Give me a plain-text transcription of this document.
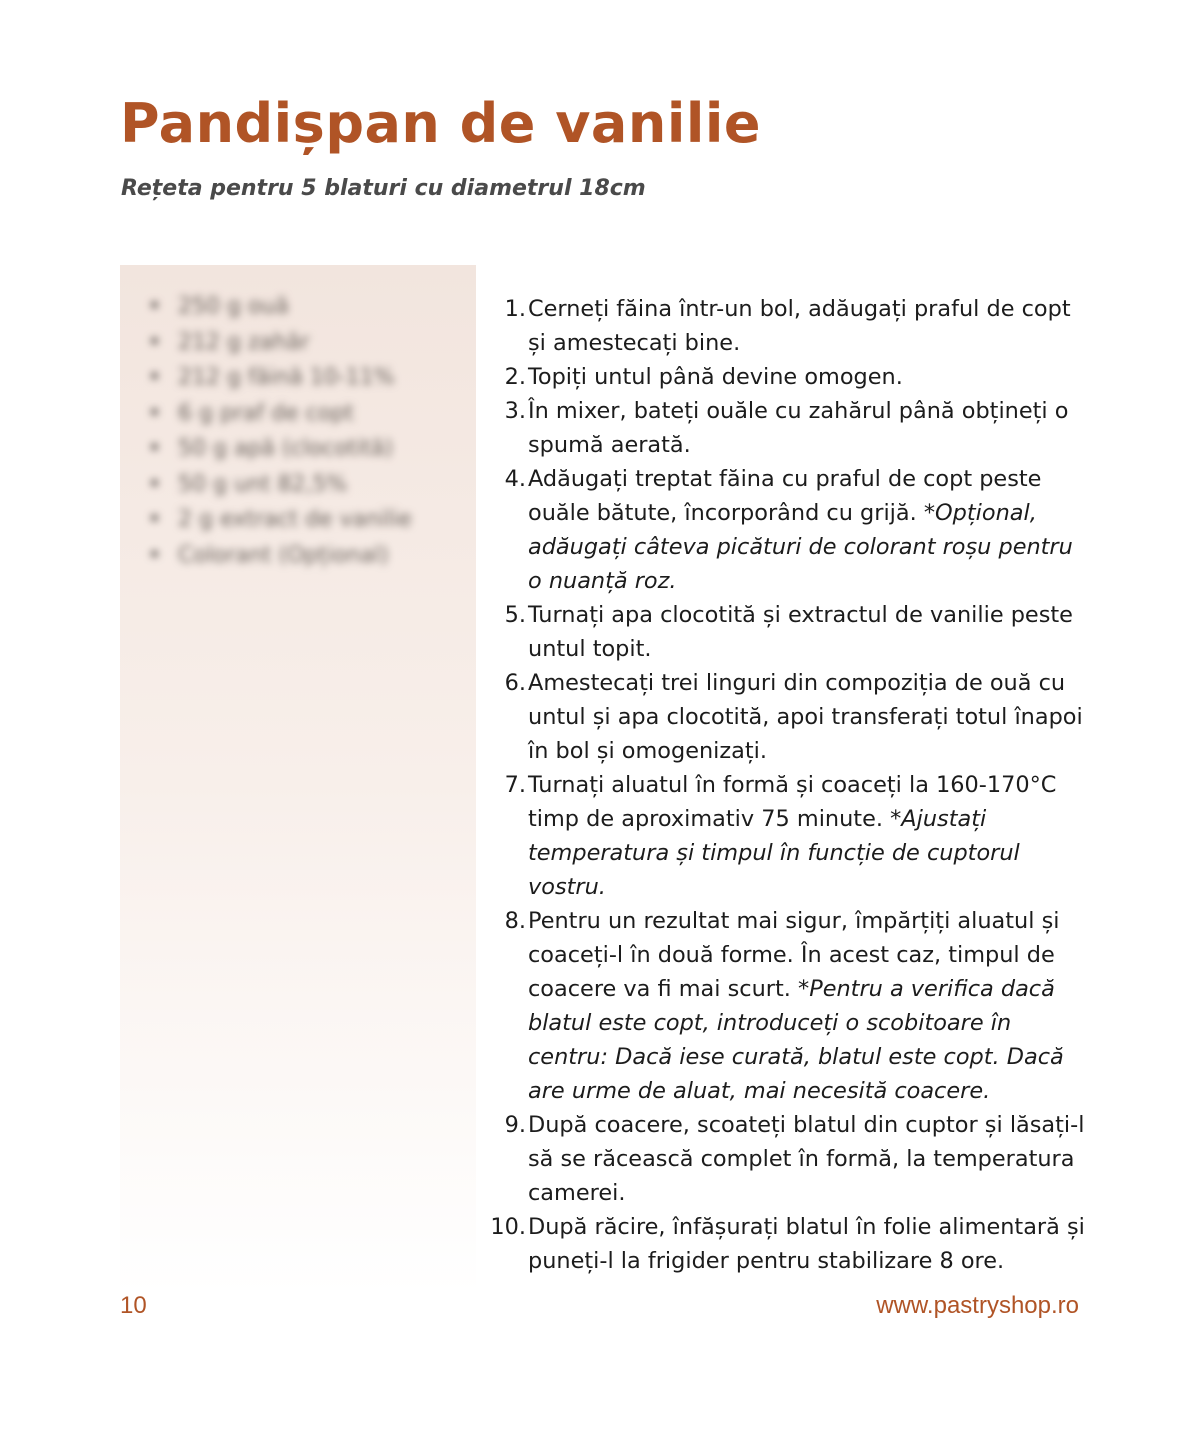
Pandișpan de vanilie
Rețeta pentru 5 blaturi cu diametrul 18cm
• 250 g ouă
• 212 g zahăr
• 212 g făină 10-11%
• 6 g praf de copt
• 50 g apă (clocotită)
• 50 g unt 82,5%
• 2 g extract de vanilie
• Colorant (Opțional)
1. Cerneți făina într-un bol, adăugați praful de copt și amestecați bine.
2. Topiți untul până devine omogen.
3. În mixer, bateți ouăle cu zahărul până obțineți o spumă aerată.
4. Adăugați treptat făina cu praful de copt peste ouăle bătute, încorporând cu grijă. *Opțional, adăugați câteva picături de colorant roșu pentru o nuanță roz.
5. Turnați apa clocotită și extractul de vanilie peste untul topit.
6. Amestecați trei linguri din compoziția de ouă cu untul și apa clocotită, apoi transferați totul înapoi în bol și omogenizați.
7. Turnați aluatul în formă și coaceți la 160-170°C timp de aproximativ 75 minute. *Ajustați temperatura și timpul în funcție de cuptorul vostru.
8. Pentru un rezultat mai sigur, împărțiți aluatul și coaceți-l în două forme. În acest caz, timpul de coacere va fi mai scurt. *Pentru a verifica dacă blatul este copt, introduceți o scobitoare în centru: Dacă iese curată, blatul este copt. Dacă are urme de aluat, mai necesită coacere.
9. După coacere, scoateți blatul din cuptor și lăsați-l să se răcească complet în formă, la temperatura camerei.
10. După răcire, înfășurați blatul în folie alimentară și puneți-l la frigider pentru stabilizare 8 ore.
10	www.pastryshop.ro
